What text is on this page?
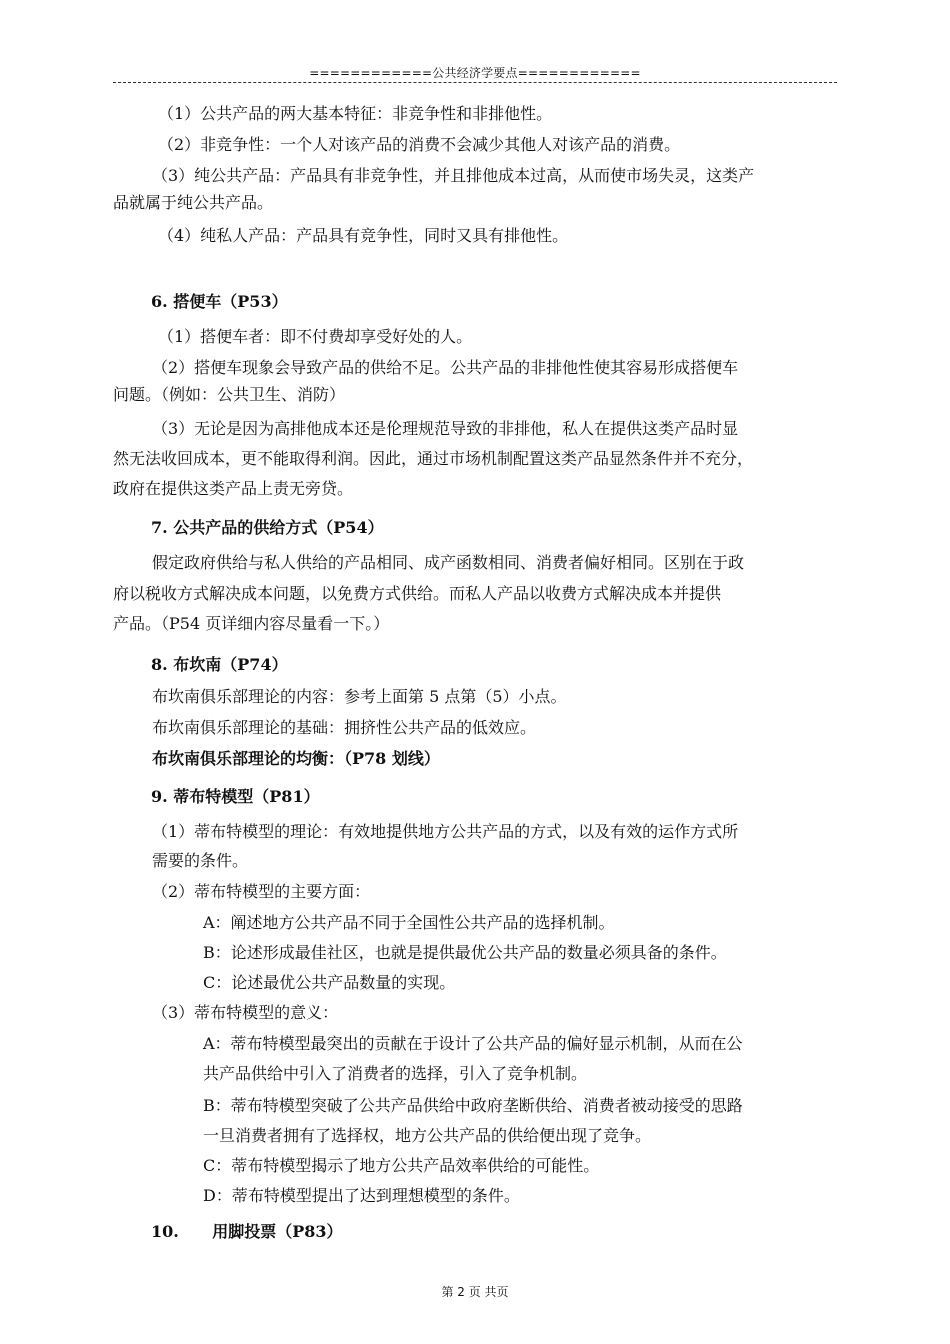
============公共经济学要点============
（1）公共产品的两大基本特征：非竞争性和非排他性。
（2）非竞争性：一个人对该产品的消费不会减少其他人对该产品的消费。
（3）纯公共产品：产品具有非竞争性，并且排他成本过高，从而使市场失灵，这类产
品就属于纯公共产品。
（4）纯私人产品：产品具有竞争性，同时又具有排他性。
6. 搭便车（P53）
（1）搭便车者：即不付费却享受好处的人。
（2）搭便车现象会导致产品的供给不足。公共产品的非排他性使其容易形成搭便车
问题。（例如：公共卫生、消防）
（3）无论是因为高排他成本还是伦理规范导致的非排他，私人在提供这类产品时显
然无法收回成本，更不能取得利润。因此，通过市场机制配置这类产品显然条件并不充分，
政府在提供这类产品上责无旁贷。
7. 公共产品的供给方式（P54）
假定政府供给与私人供给的产品相同、成产函数相同、消费者偏好相同。区别在于政
府以税收方式解决成本问题，以免费方式供给。而私人产品以收费方式解决成本并提供
产品。（P54 页详细内容尽量看一下。）
8. 布坎南（P74）
布坎南俱乐部理论的内容：参考上面第 5 点第（5）小点。
布坎南俱乐部理论的基础：拥挤性公共产品的低效应。
布坎南俱乐部理论的均衡：（P78 划线）
9. 蒂布特模型（P81）
（1）蒂布特模型的理论：有效地提供地方公共产品的方式，以及有效的运作方式所
需要的条件。
（2）蒂布特模型的主要方面：
A：阐述地方公共产品不同于全国性公共产品的选择机制。
B：论述形成最佳社区，也就是提供最优公共产品的数量必须具备的条件。
C：论述最优公共产品数量的实现。
（3）蒂布特模型的意义：
A：蒂布特模型最突出的贡献在于设计了公共产品的偏好显示机制，从而在公
共产品供给中引入了消费者的选择，引入了竞争机制。
B：蒂布特模型突破了公共产品供给中政府垄断供给、消费者被动接受的思路
一旦消费者拥有了选择权，地方公共产品的供给便出现了竞争。
C：蒂布特模型揭示了地方公共产品效率供给的可能性。
D：蒂布特模型提出了达到理想模型的条件。
10.      用脚投票（P83）
第 2 页 共页
